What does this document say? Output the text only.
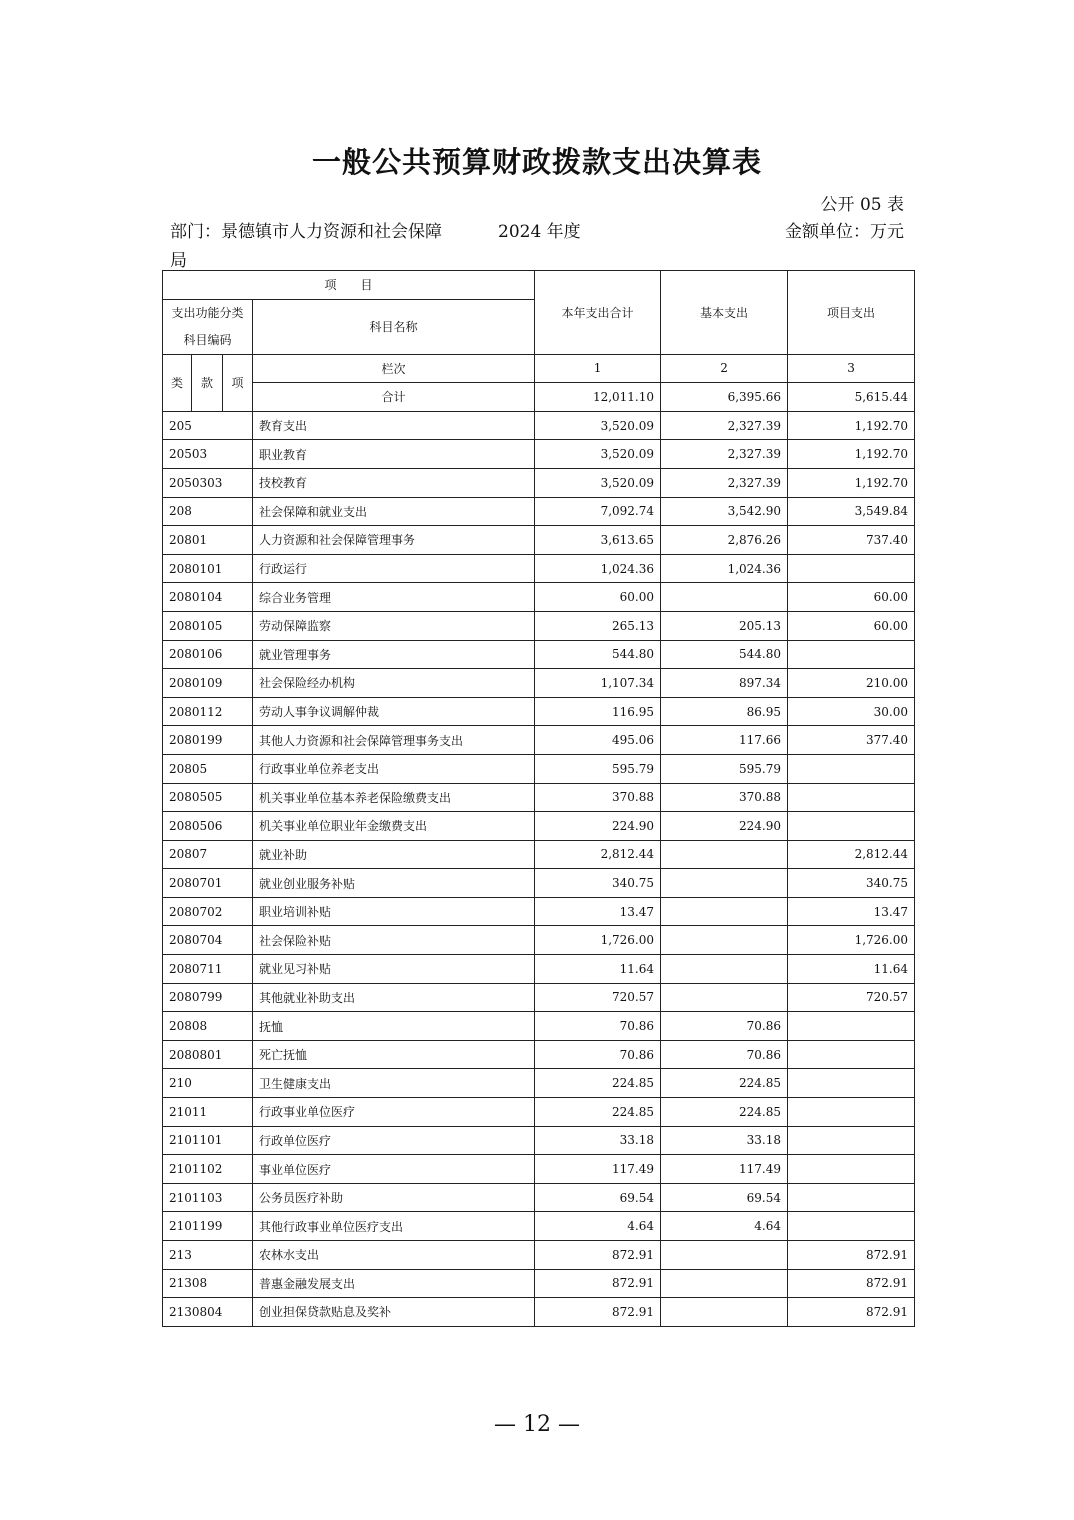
一般公共预算财政拨款支出决算表
公开 05 表
部门：景德镇市人力资源和社会保障局
2024 年度	金额单位：万元
项　　目				本年支出合计	基本支出	项目支出
支出功能分类科目编码			科目名称			
类	款	项	栏次	1	2	3
			合计	12,011.10	6,395.66	5,615.44
205			教育支出	3,520.09	2,327.39	1,192.70
20503			职业教育	3,520.09	2,327.39	1,192.70
2050303			技校教育	3,520.09	2,327.39	1,192.70
208			社会保障和就业支出	7,092.74	3,542.90	3,549.84
20801			人力资源和社会保障管理事务	3,613.65	2,876.26	737.40
2080101			行政运行	1,024.36	1,024.36	
2080104			综合业务管理	60.00		60.00
2080105			劳动保障监察	265.13	205.13	60.00
2080106			就业管理事务	544.80	544.80	
2080109			社会保险经办机构	1,107.34	897.34	210.00
2080112			劳动人事争议调解仲裁	116.95	86.95	30.00
2080199			其他人力资源和社会保障管理事务支出	495.06	117.66	377.40
20805			行政事业单位养老支出	595.79	595.79	
2080505			机关事业单位基本养老保险缴费支出	370.88	370.88	
2080506			机关事业单位职业年金缴费支出	224.90	224.90	
20807			就业补助	2,812.44		2,812.44
2080701			就业创业服务补贴	340.75		340.75
2080702			职业培训补贴	13.47		13.47
2080704			社会保险补贴	1,726.00		1,726.00
2080711			就业见习补贴	11.64		11.64
2080799			其他就业补助支出	720.57		720.57
20808			抚恤	70.86	70.86	
2080801			死亡抚恤	70.86	70.86	
210			卫生健康支出	224.85	224.85	
21011			行政事业单位医疗	224.85	224.85	
2101101			行政单位医疗	33.18	33.18	
2101102			事业单位医疗	117.49	117.49	
2101103			公务员医疗补助	69.54	69.54	
2101199			其他行政事业单位医疗支出	4.64	4.64	
213			农林水支出	872.91		872.91
21308			普惠金融发展支出	872.91		872.91
2130804			创业担保贷款贴息及奖补	872.91		872.91
— 12 —
